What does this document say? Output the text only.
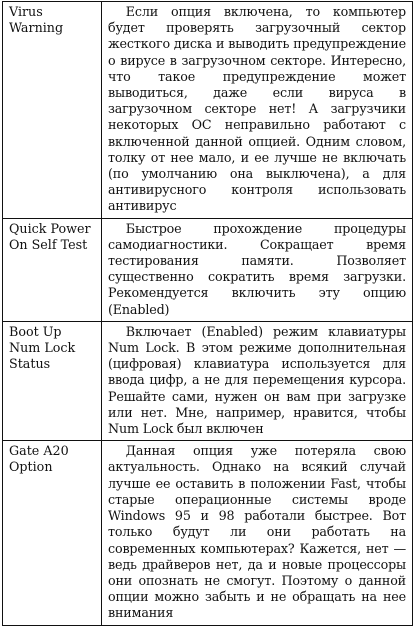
Virus Warning	Если опция включена, то компьютер будет проверять загрузочный сектор жесткого диска и выводить предупреждение о вирусе в загрузочном секторе. Интересно, что такое предупреждение может выводиться, даже если вируса в загрузочном секторе нет! А загрузчики некоторых ОС неправильно работают с включенной данной опцией. Одним словом, толку от нее мало, и ее лучше не включать (по умолчанию она выключена), а для антивирусного контроля использовать антивирус

Quick Power On Self Test	Быстрое прохождение процедуры самодиагностики. Сокращает время тестирования памяти. Позволяет существенно сократить время загрузки. Рекомендуется включить эту опцию (Enabled)

Boot Up Num Lock Status	Включает (Enabled) режим клавиатуры Num Lock. В этом режиме дополнительная (цифровая) клавиатура используется для ввода цифр, а не для перемещения курсора. Решайте сами, нужен он вам при загрузке или нет. Мне, например, нравится, чтобы Num Lock был включен

Gate A20 Option	Данная опция уже потеряла свою актуальность. Однако на всякий случай лучше ее оставить в положении Fast, чтобы старые операционные системы вроде Windows 95 и 98 работали быстрее. Вот только будут ли они работать на современных компьютерах? Кажется, нет — ведь драйверов нет, да и новые процессоры они опознать не смогут. Поэтому о данной опции можно забыть и не обращать на нее внимания
